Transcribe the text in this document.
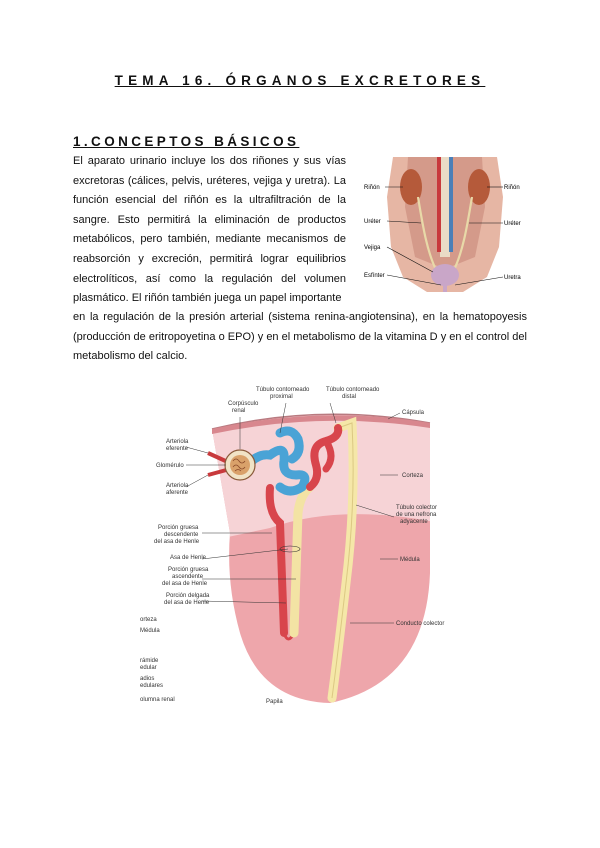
TEMA 16. ÓRGANOS EXCRETORES
1.CONCEPTOS BÁSICOS
El aparato urinario incluye los dos riñones y sus vías excretoras (cálices, pelvis, uréteres, vejiga y uretra). La función esencial del riñón es la ultrafiltración de la sangre. Esto permitirá la eliminación de productos metabólicos, pero también, mediante mecanismos de reabsorción y excreción, permitirá lograr equilibrios electrolíticos, así como la regulación del volumen plasmático. El riñón también juega un papel importante
en la regulación de la presión arterial (sistema renina-angiotensina), en la hematopoyesis (producción de eritropoyetina o EPO) y en el metabolismo de la vitamina D y en el control del metabolismo del calcio.
Riñón	Riñón
Uréter	Uréter
Vejiga
Esfínter	Uretra
Corpúsculo
renal
Túbulo contorneado
proximal
Túbulo contorneado
distal
Cápsula
Arteriola
eferente
Glomérulo
Arteriola
aferente
Corteza
Túbulo colector
de una nefrona
adyacente
Porción gruesa
descendente
del asa de Henle
Asa de Henle	Médula
Porción gruesa
ascendente
del asa de Henle
Porción delgada
del asa de Henle
Conducto colector
Papila
orteza
Médula
rámide
edular
adios
edulares
olumna renal
